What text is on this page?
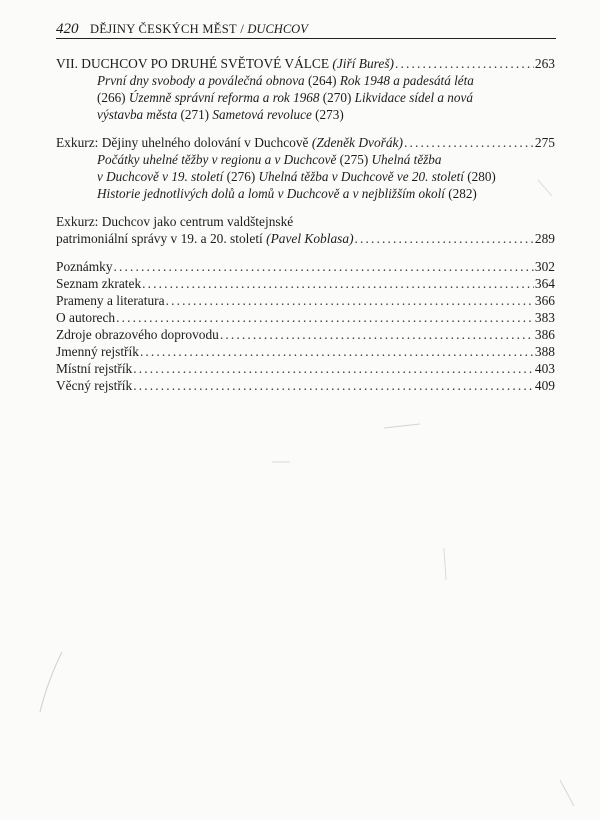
420 DĚJINY ČESKÝCH MĚST / DUCHCOV
VII. DUCHCOV PO DRUHÉ SVĚTOVÉ VÁLCE (Jiří Bureš) . . .	263
První dny svobody a poválečná obnova (264) Rok 1948 a padesátá léta
(266) Územně správní reforma a rok 1968 (270) Likvidace sídel a nová
výstavba města (271) Sametová revoluce (273)
Exkurz: Dějiny uhelného dolování v Duchcově (Zdeněk Dvořák) . . .	275
Počátky uhelné těžby v regionu a v Duchcově (275) Uhelná těžba
v Duchcově v 19. století (276) Uhelná těžba v Duchcově ve 20. století (280)
Historie jednotlivých dolů a lomů v Duchcově a v nejbližším okolí (282)
Exkurz: Duchcov jako centrum valdštejnské
patrimoniální správy v 19. a 20. století (Pavel Koblasa) . . .	289
Poznámky . . .	302
Seznam zkratek . . .	364
Prameny a literatura . . .	366
O autorech . . .	383
Zdroje obrazového doprovodu . . .	386
Jmenný rejstřík . . .	388
Místní rejstřík . . .	403
Věcný rejstřík . . .	409
